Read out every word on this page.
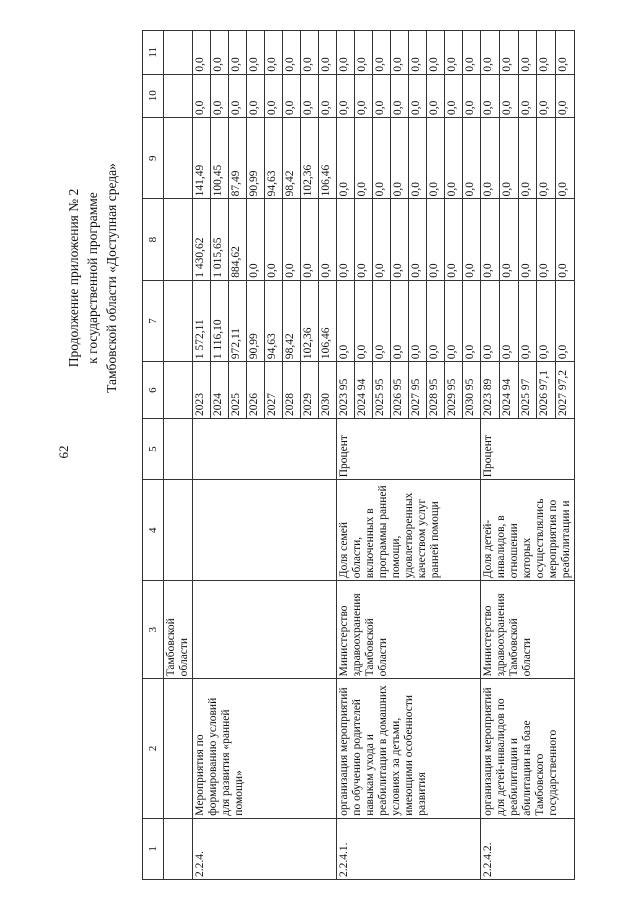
62
Продолжение приложения № 2 к государственной программе Тамбовской области «Доступная среда»
1	2	3	4	5	6	7	8	9	10	11
		Тамбовской области								
2.2.4.	Мероприятия по формированию условий для развития «ранней помощи»				2023	1 572,11	1 430,62	141,49	0,0	0,0
					2024	1 116,10	1 015,65	100,45	0,0	0,0
					2025	972,11	884,62	87,49	0,0	0,0
					2026	90,99	0,0	90,99	0,0	0,0
					2027	94,63	0,0	94,63	0,0	0,0
					2028	98,42	0,0	98,42	0,0	0,0
					2029	102,36	0,0	102,36	0,0	0,0
					2030	106,46	0,0	106,46	0,0	0,0
2.2.4.1.	организация мероприятий по обучению родителей навыкам ухода и реабилитации в домашних условиях за детьми, имеющими особенности развития	Министерство здравоохранения Тамбовской области	Доля семей области, включенных в программы ранней помощи, удовлетворенных качеством услуг ранней помощи	Процент	2023 95	0,0	0,0	0,0	0,0	0,0
					2024 94	0,0	0,0	0,0	0,0	0,0
					2025 95	0,0	0,0	0,0	0,0	0,0
					2026 95	0,0	0,0	0,0	0,0	0,0
					2027 95	0,0	0,0	0,0	0,0	0,0
					2028 95	0,0	0,0	0,0	0,0	0,0
					2029 95	0,0	0,0	0,0	0,0	0,0
					2030 95	0,0	0,0	0,0	0,0	0,0
2.2.4.2.	организация мероприятий для детей-инвалидов по реабилитации и абилитации на базе Тамбовского государственного	Министерство здравоохранения Тамбовской области	Доля детей-инвалидов, в отношении которых осуществлялись мероприятия по реабилитации и	Процент	2023 89	0,0	0,0	0,0	0,0	0,0
					2024 94	0,0	0,0	0,0	0,0	0,0
					2025 97	0,0	0,0	0,0	0,0	0,0
					2026 97,1	0,0	0,0	0,0	0,0	0,0
					2027 97,2	0,0	0,0	0,0	0,0	0,0
